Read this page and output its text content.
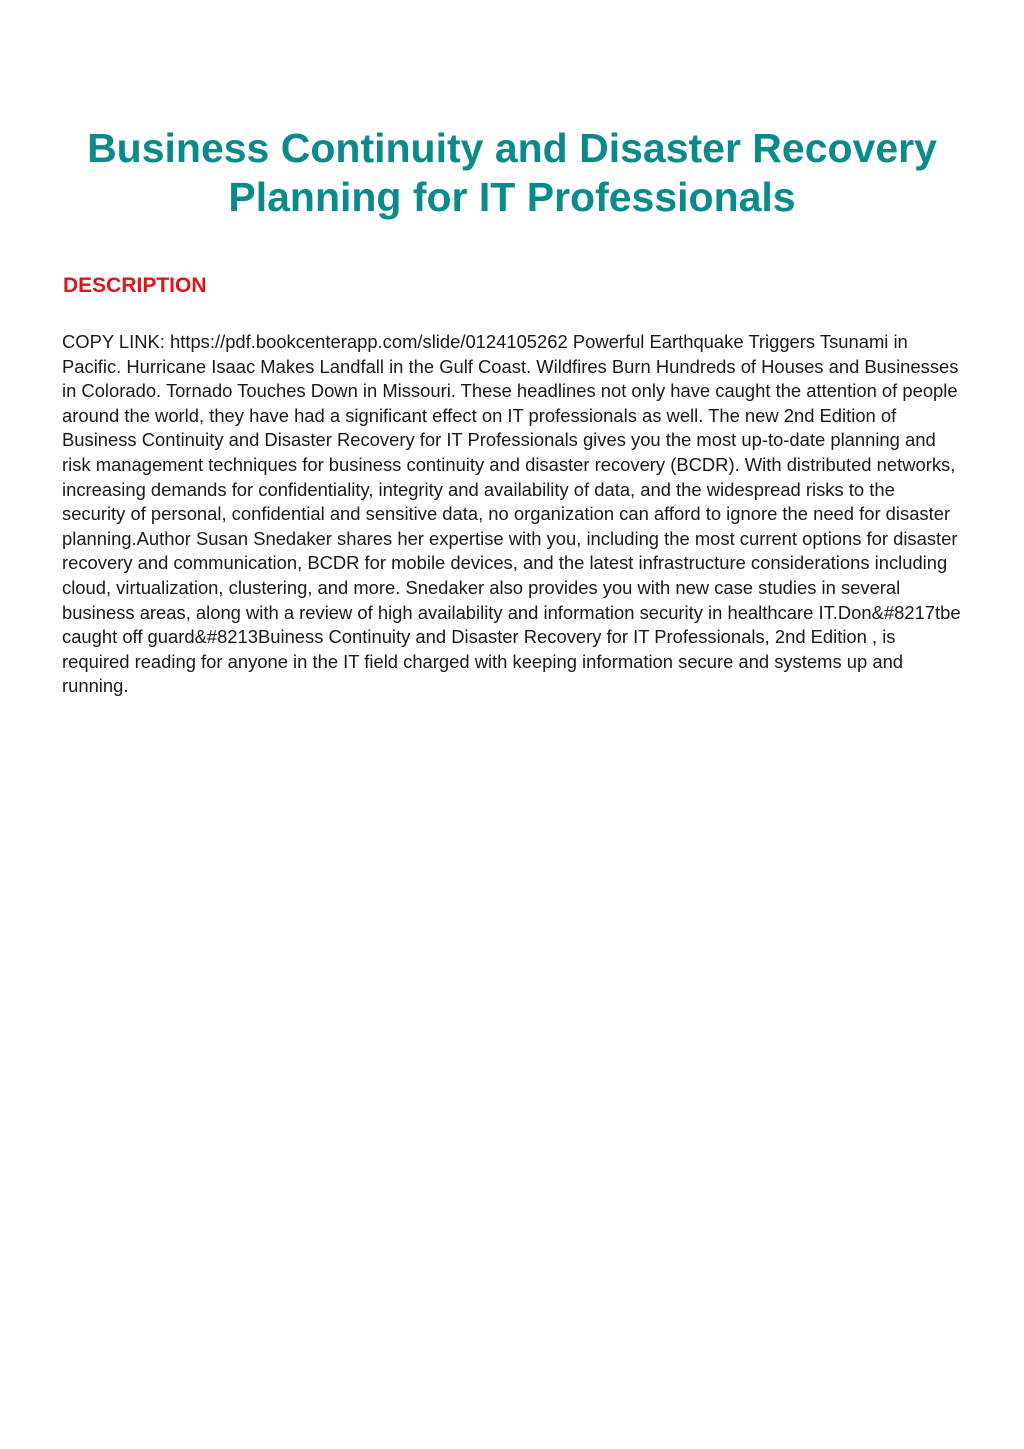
Business Continuity and Disaster Recovery Planning for IT Professionals
DESCRIPTION

COPY LINK: https://pdf.bookcenterapp.com/slide/0124105262 Powerful Earthquake Triggers Tsunami in Pacific. Hurricane Isaac Makes Landfall in the Gulf Coast. Wildfires Burn Hundreds of Houses and Businesses in Colorado. Tornado Touches Down in Missouri. These headlines not only have caught the attention of people around the world, they have had a significant effect on IT professionals as well. The new 2nd Edition of Business Continuity and Disaster Recovery for IT Professionals gives you the most up-to-date planning and risk management techniques for business continuity and disaster recovery (BCDR). With distributed networks, increasing demands for confidentiality, integrity and availability of data, and the widespread risks to the security of personal, confidential and sensitive data, no organization can afford to ignore the need for disaster planning.Author Susan Snedaker shares her expertise with you, including the most current options for disaster recovery and communication, BCDR for mobile devices, and the latest infrastructure considerations including cloud, virtualization, clustering, and more. Snedaker also provides you with new case studies in several business areas, along with a review of high availability and information security in healthcare IT.Don&#8217tbe caught off guard&#8213Buiness Continuity and Disaster Recovery for IT Professionals, 2nd Edition , is required reading for anyone in the IT field charged with keeping information secure and systems up and running.
